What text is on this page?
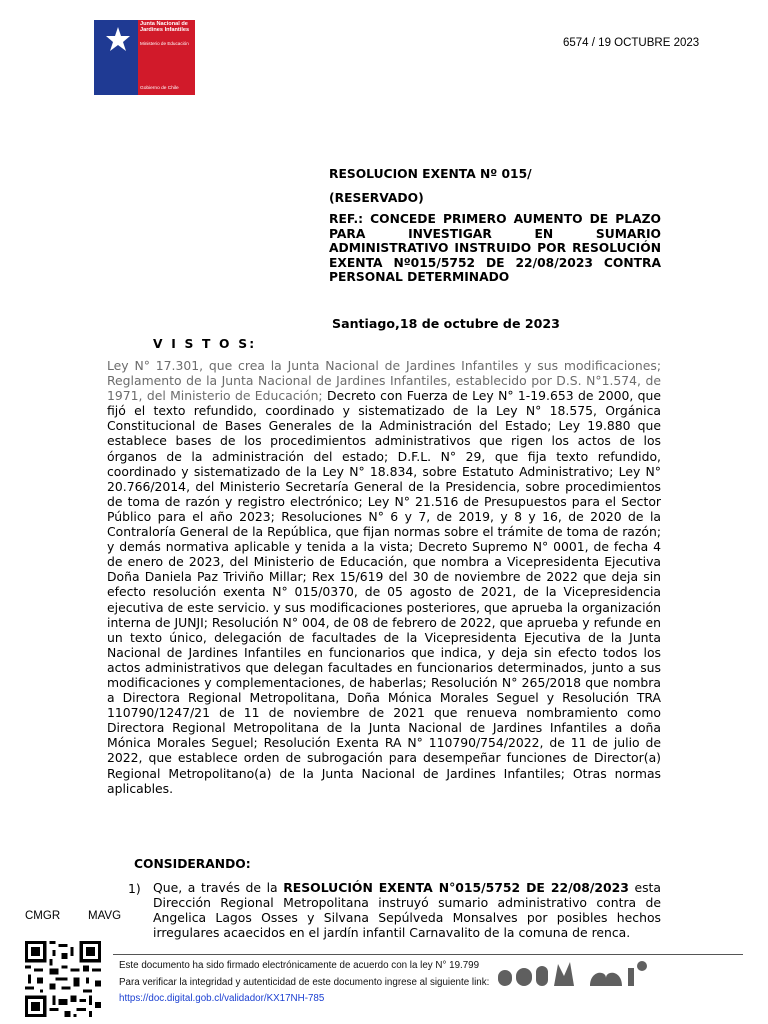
Junta Nacional de Jardines Infantiles
Ministerio de Educación
Gobierno de Chile
6574 / 19 OCTUBRE 2023
RESOLUCION EXENTA Nº 015/
(RESERVADO)
REF.: CONCEDE PRIMERO AUMENTO DE PLAZO PARA INVESTIGAR EN SUMARIO ADMINISTRATIVO INSTRUIDO POR RESOLUCIÓN EXENTA Nº015/5752 DE 22/08/2023 CONTRA PERSONAL DETERMINADO
Santiago,18 de octubre de 2023
V I S T O S:
Ley N° 17.301, que crea la Junta Nacional de Jardines Infantiles y sus modificaciones; Reglamento de la Junta Nacional de Jardines Infantiles, establecido por D.S. N°1.574, de 1971, del Ministerio de Educación; Decreto con Fuerza de Ley N° 1-19.653 de 2000, que fijó el texto refundido, coordinado y sistematizado de la Ley N° 18.575, Orgánica Constitucional de Bases Generales de la Administración del Estado; Ley 19.880 que establece bases de los procedimientos administrativos que rigen los actos de los órganos de la administración del estado; D.F.L. N° 29, que fija texto refundido, coordinado y sistematizado de la Ley N° 18.834, sobre Estatuto Administrativo; Ley N° 20.766/2014, del Ministerio Secretaría General de la Presidencia, sobre procedimientos de toma de razón y registro electrónico; Ley N° 21.516 de Presupuestos para el Sector Público para el año 2023; Resoluciones N° 6 y 7, de 2019, y 8 y 16, de 2020 de la Contraloría General de la República, que fijan normas sobre el trámite de toma de razón; y demás normativa aplicable y tenida a la vista; Decreto Supremo N° 0001, de fecha 4 de enero de 2023, del Ministerio de Educación, que nombra a Vicepresidenta Ejecutiva Doña Daniela Paz Triviño Millar; Rex 15/619 del 30 de noviembre de 2022 que deja sin efecto resolución exenta N° 015/0370, de 05 agosto de 2021, de la Vicepresidencia ejecutiva de este servicio. y sus modificaciones posteriores, que aprueba la organización interna de JUNJI; Resolución N° 004, de 08 de febrero de 2022, que aprueba y refunde en un texto único, delegación de facultades de la Vicepresidenta Ejecutiva de la Junta Nacional de Jardines Infantiles en funcionarios que indica, y deja sin efecto todos los actos administrativos que delegan facultades en funcionarios determinados, junto a sus modificaciones y complementaciones, de haberlas; Resolución N° 265/2018 que nombra a Directora Regional Metropolitana, Doña Mónica Morales Seguel y Resolución TRA 110790/1247/21 de 11 de noviembre de 2021 que renueva nombramiento como Directora Regional Metropolitana de la Junta Nacional de Jardines Infantiles a doña Mónica Morales Seguel; Resolución Exenta RA N° 110790/754/2022, de 11 de julio de 2022, que establece orden de subrogación para desempeñar funciones de Director(a) Regional Metropolitano(a) de la Junta Nacional de Jardines Infantiles; Otras normas aplicables.
CONSIDERANDO:
1) Que, a través de la RESOLUCIÓN EXENTA N°015/5752 DE 22/08/2023 esta Dirección Regional Metropolitana instruyó sumario administrativo contra de Angelica Lagos Osses y Silvana Sepúlveda Monsalves por posibles hechos irregulares acaecidos en el jardín infantil Carnavalito de la comuna de renca.
CMGR MAVG
Este documento ha sido firmado electrónicamente de acuerdo con la ley N° 19.799
Para verificar la integridad y autenticidad de este documento ingrese al siguiente link:
https://doc.digital.gob.cl/validador/KX17NH-785
